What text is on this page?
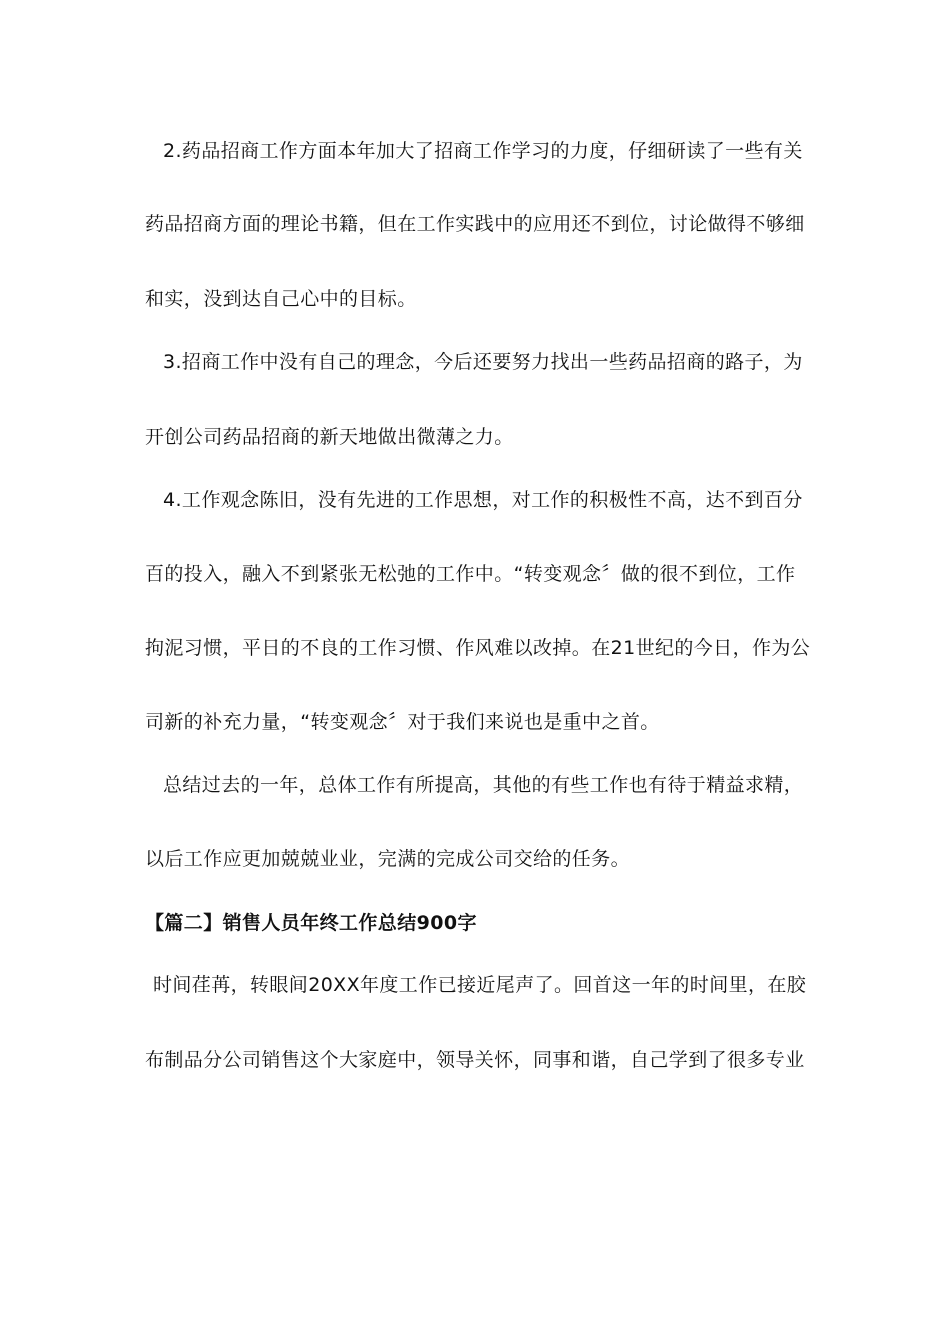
2.药品招商工作方面本年加大了招商工作学习的力度，仔细研读了一些有关
药品招商方面的理论书籍，但在工作实践中的应用还不到位，讨论做得不够细
和实，没到达自己心中的目标。
3.招商工作中没有自己的理念，今后还要努力找出一些药品招商的路子，为
开创公司药品招商的新天地做出微薄之力。
4.工作观念陈旧，没有先进的工作思想，对工作的积极性不高，达不到百分
百的投入，融入不到紧张无松弛的工作中。“转变观念〞做的很不到位，工作
拘泥习惯，平日的不良的工作习惯、作风难以改掉。在21世纪的今日，作为公
司新的补充力量，“转变观念〞对于我们来说也是重中之首。
总结过去的一年，总体工作有所提高，其他的有些工作也有待于精益求精，
以后工作应更加兢兢业业，完满的完成公司交给的任务。
【篇二】销售人员年终工作总结900字
时间荏苒，转眼间20XX年度工作已接近尾声了。回首这一年的时间里，在胶
布制品分公司销售这个大家庭中，领导关怀，同事和谐，自己学到了很多专业
